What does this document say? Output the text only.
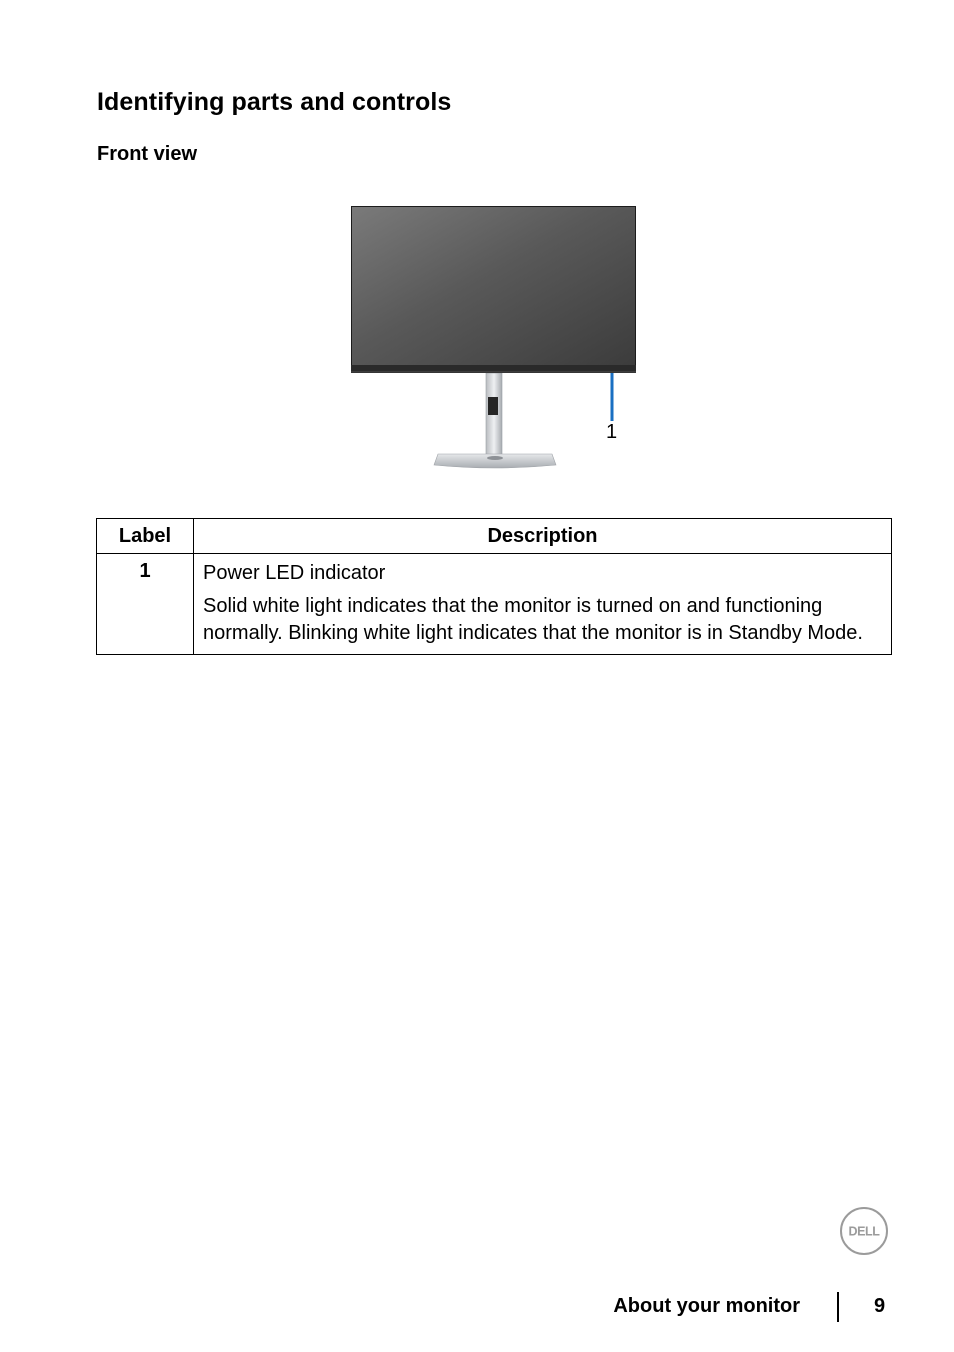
Identifying parts and controls
Front view
1
Label	Description
1	Power LED indicator

Solid white light indicates that the monitor is turned on and functioning normally. Blinking white light indicates that the monitor is in Standby Mode.

DELL
About your monitor	9
